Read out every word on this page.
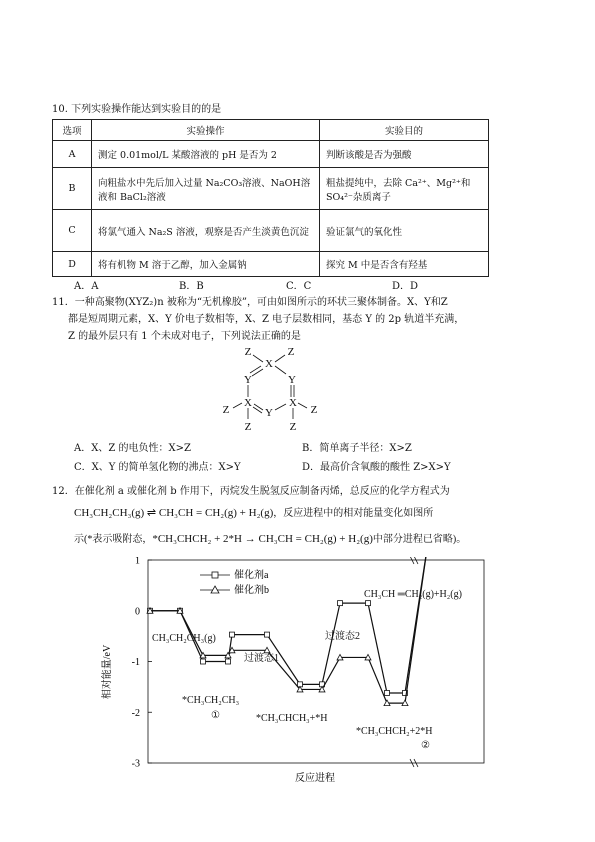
10. 下列实验操作能达到实验目的的是
选项	实验操作	实验目的
A	测定 0.01mol/L 某酸溶液的 pH 是否为 2	判断该酸是否为强酸
B	向粗盐水中先后加入过量 Na₂CO₃溶液、NaOH溶液和 BaCl₂溶液	粗盐提纯中，去除 Ca²⁺、Mg²⁺和SO₄²⁻杂质离子
C	将氯气通入 Na₂S 溶液，观察是否产生淡黄色沉淀	验证氯气的氧化性
D	将有机物 M 溶于乙醇，加入金属钠	探究 M 中是否含有羟基
A．A	B．B	C．C	D．D
11．一种高聚物(XYZ₂)n 被称为“无机橡胶”，可由如图所示的环状三聚体制备。X、Y和Z
都是短周期元素，X、Y 价电子数相等，X、Z 电子层数相同，基态 Y 的 2p 轨道半充满，
Z 的最外层只有 1 个未成对电子，下列说法正确的是
Z
X
Z
Y	Y
X	X
Y
Z
Z	Z
Z
A．X、Z 的电负性：X>Z	B．简单离子半径：X>Z
C．X、Y 的简单氢化物的沸点：X>Y	D．最高价含氧酸的酸性 Z>X>Y
12．在催化剂 a 或催化剂 b 作用下，丙烷发生脱氢反应制备丙烯，总反应的化学方程式为
CH₃CH₂CH₃(g) ⇌ CH₃CH = CH₂(g) + H₂(g)，反应进程中的相对能量变化如图所
示(*表示吸附态，*CH₃CHCH₂ + 2*H → CH₃CH = CH₂(g) + H₂(g)中部分进程已省略)。
1
0
-1
-2
-3
相对能量/eV
反应进程
催化剂a
催化剂b
CH₃CH₂CH₃(g)
过渡态1
*CH₃CH₂CH₃
①	*CH₃CHCH₃+*H
过渡态2
*CH₃CHCH₂+2*H
②
CH₃CH ═CH₂(g)+H₂(g)
